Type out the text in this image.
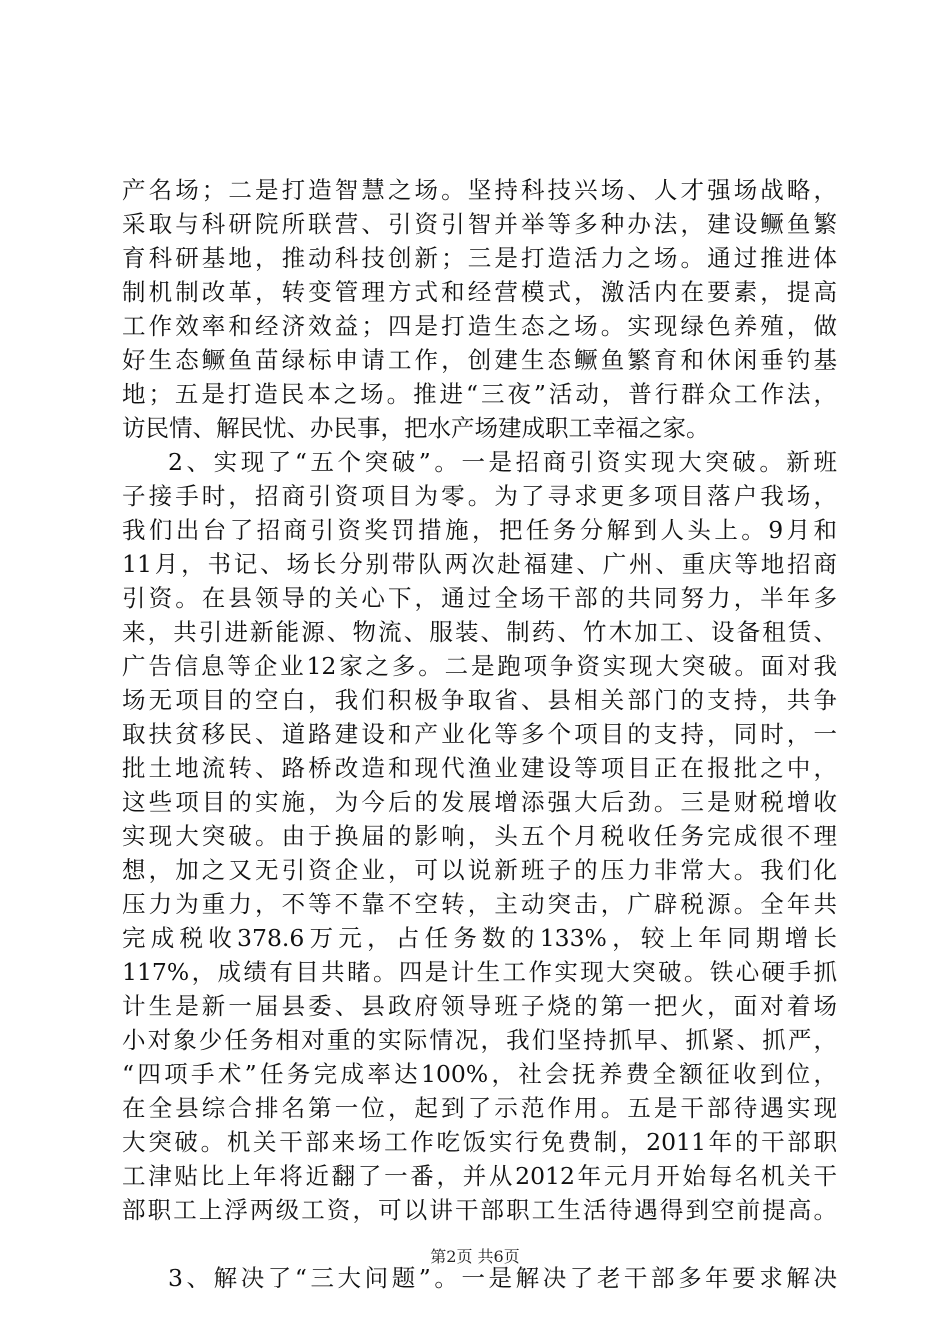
产名场；二是打造智慧之场。坚持科技兴场、人才强场战略，
采取与科研院所联营、引资引智并举等多种办法，建设鳜鱼繁
育科研基地，推动科技创新；三是打造活力之场。通过推进体
制机制改革，转变管理方式和经营模式，激活内在要素，提高
工作效率和经济效益；四是打造生态之场。实现绿色养殖，做
好生态鳜鱼苗绿标申请工作，创建生态鳜鱼繁育和休闲垂钓基
地；五是打造民本之场。推进“三夜”活动，普行群众工作法，
访民情、解民忧、办民事，把水产场建成职工幸福之家。
2、实现了“五个突破”。一是招商引资实现大突破。新班
子接手时，招商引资项目为零。为了寻求更多项目落户我场，
我们出台了招商引资奖罚措施，把任务分解到人头上。9月和
11月，书记、场长分别带队两次赴福建、广州、重庆等地招商
引资。在县领导的关心下，通过全场干部的共同努力，半年多
来，共引进新能源、物流、服装、制药、竹木加工、设备租赁、
广告信息等企业12家之多。二是跑项争资实现大突破。面对我
场无项目的空白，我们积极争取省、县相关部门的支持，共争
取扶贫移民、道路建设和产业化等多个项目的支持，同时，一
批土地流转、路桥改造和现代渔业建设等项目正在报批之中，
这些项目的实施，为今后的发展增添强大后劲。三是财税增收
实现大突破。由于换届的影响，头五个月税收任务完成很不理
想，加之又无引资企业，可以说新班子的压力非常大。我们化
压力为重力，不等不靠不空转，主动突击，广辟税源。全年共
完成税收378.6万元，占任务数的133%，较上年同期增长
117%，成绩有目共睹。四是计生工作实现大突破。铁心硬手抓
计生是新一届县委、县政府领导班子烧的第一把火，面对着场
小对象少任务相对重的实际情况，我们坚持抓早、抓紧、抓严，
“四项手术”任务完成率达100%，社会抚养费全额征收到位，
在全县综合排名第一位，起到了示范作用。五是干部待遇实现
大突破。机关干部来场工作吃饭实行免费制，2011年的干部职
工津贴比上年将近翻了一番，并从2012年元月开始每名机关干
部职工上浮两级工资，可以讲干部职工生活待遇得到空前提高。
3、解决了“三大问题”。一是解决了老干部多年要求解决
第2页 共6页
